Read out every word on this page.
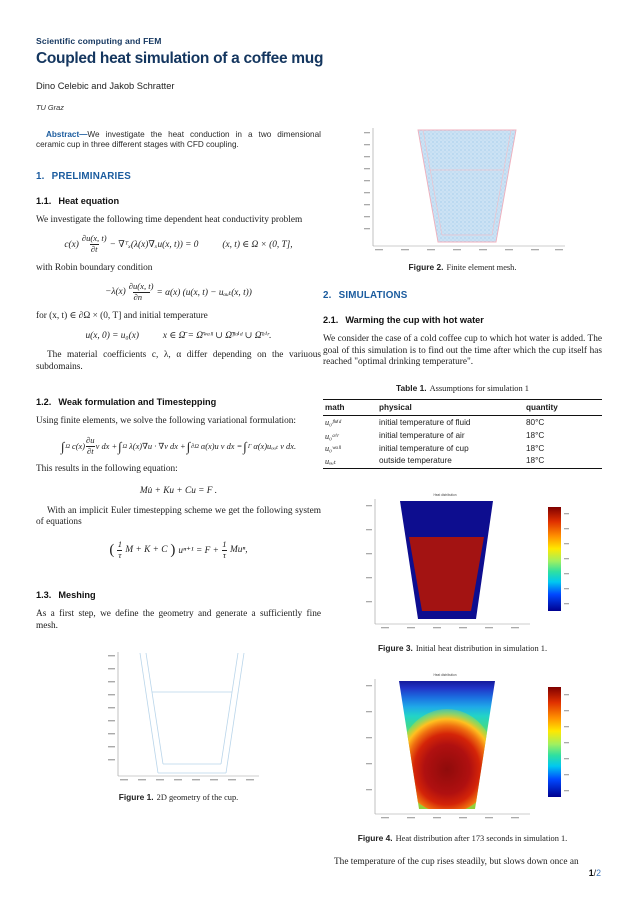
Scientific computing and FEM
Coupled heat simulation of a coffee mug
Dino Celebic and Jakob Schratter
TU Graz

Abstract—We investigate the heat conduction in a two dimensional ceramic cup in three different stages with CFD coupling.

1. PRELIMINARIES
1.1. Heat equation

We investigate the following time dependent heat conductivity problem

$c(x) \frac{\partial u(x, t)}{\partial t}$ − ∇ᵀₓ(λ(x)∇ₓu(x, t)) = 0	(x, t) ∈ Ω × (0, T],

with Robin boundary condition

$-\lambda(x) \frac{\partial u(x, t)}{\partial n⃗} = \alpha(x)$ (u(x, t) − uₒᵤₜ(x, t))

for (x, t) ∈ ∂Ω × (0, T] and initial temperature

u(x, 0) = u₀(x)	x ∈ Ω̄ = Ω̄ʷᵃˡˡ ∪ Ω̄ᶠˡᵘⁱᵈ ∪ Ω̄ᵃⁱʳ.

The material coefficients c, λ, α differ depending on the variuous subdomains.

1.2. Weak formulation and Timestepping

Using finite elements, we solve the following variational formulation:

∫ Ω $c(x) \frac{\partial u}{\partial t}$ v dx + ∫ Ω λ(x)∇u · ∇v dx + ∫ ∂Ω α(x)u v dx = ∫ Γ α(x)uₒᵤₜ v dx.

This results in the following equation:

Mu̇ + Ku + Cu = F .

With an implicit Euler timestepping scheme we get the following system of equations

( $\frac{1}{\tau}$ M + K + C ) $u^{n+1} = F + \frac{1}{\tau} Mu^n$,
1.3. Meshing

As a first step, we define the geometry and generate a sufficiently fine mesh.

Figure 1. 2D geometry of the cup.
Figure 2. Finite element mesh.
2. SIMULATIONS
2.1. Warming the cup with hot water

We consider the case of a cold coffee cup to which hot water is added. The goal of this simulation is to find out the time after which the cup itself has reached "optimal drinking temperature".

Table 1. Assumptions for simulation 1
math	physical	quantity
u₀ᶠˡᵘⁱᵈ	initial temperature of fluid	80°C
u₀ᵃⁱʳ	initial temperature of air	18°C
u₀ʷᵃˡˡ	initial temperature of cup	18°C
uₒᵤₜ	outside temperature	18°C
Heat distribution
Figure 3. Initial heat distribution in simulation 1.
Heat distribution
Figure 4. Heat distribution after 173 seconds in simulation 1.

The temperature of the cup rises steadily, but slows down once an

1/2
